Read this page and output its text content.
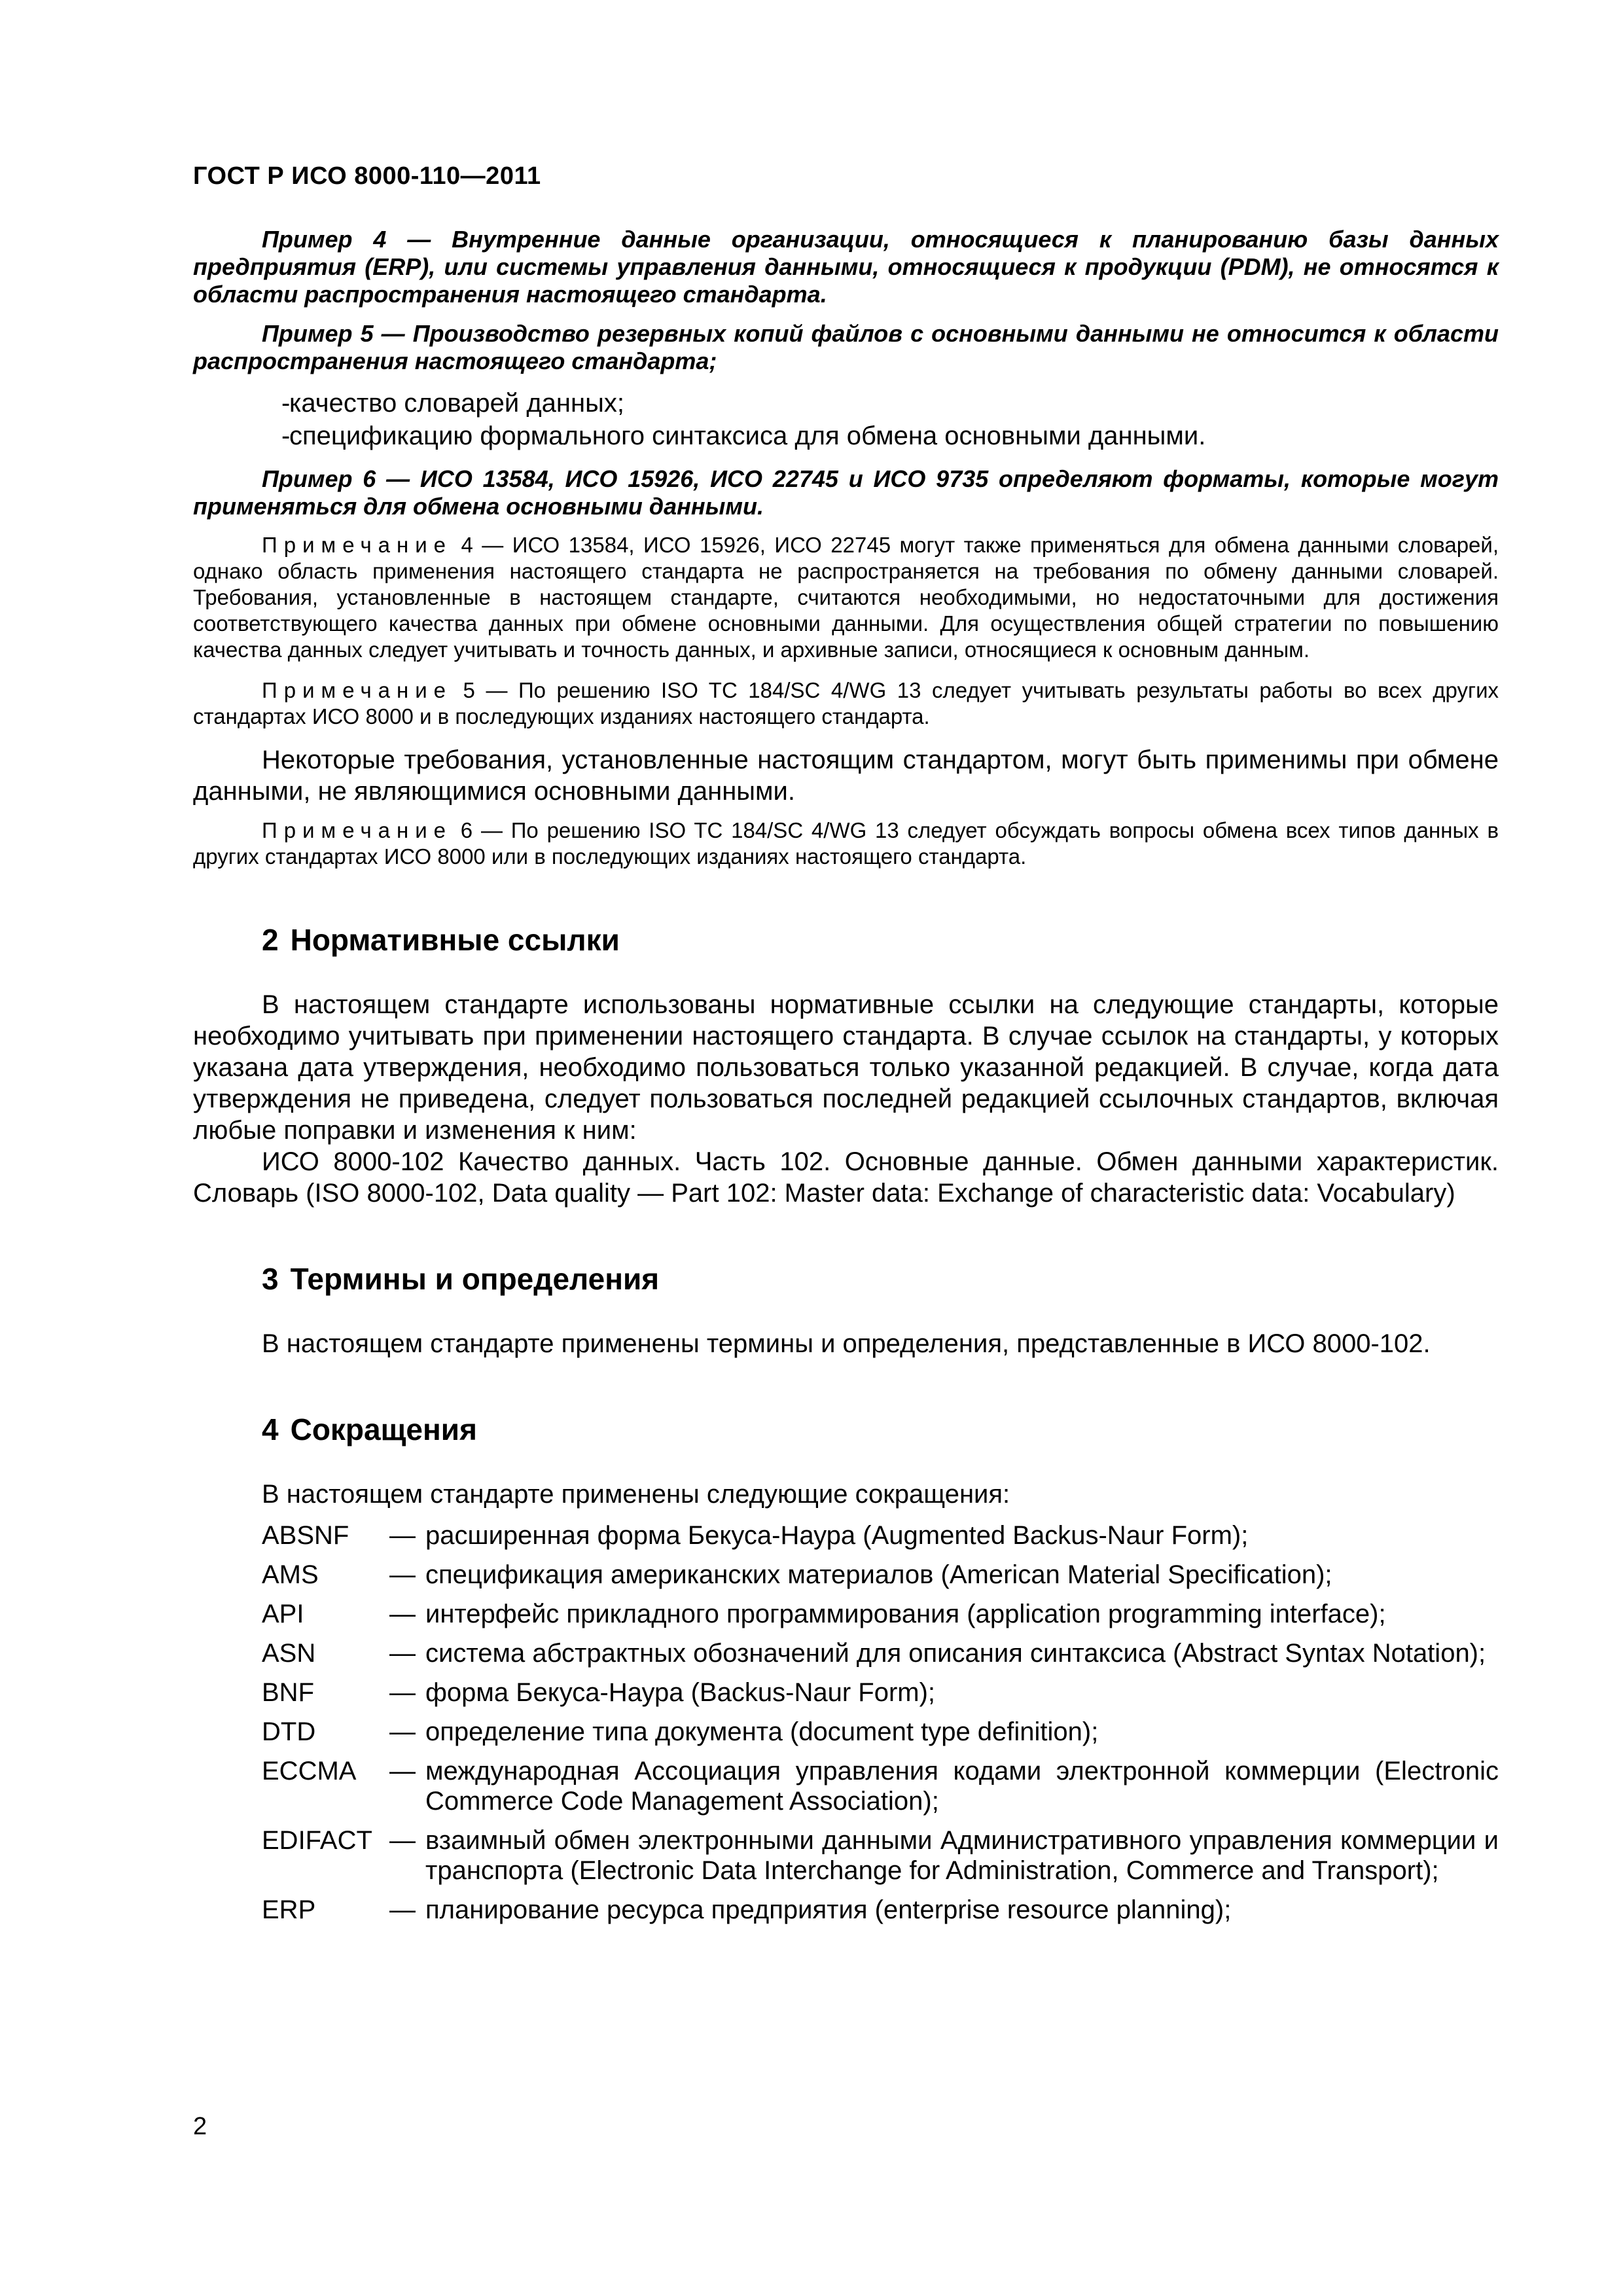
ГОСТ Р ИСО 8000-110—2011

Пример 4 — Внутренние данные организации, относящиеся к планированию базы данных предприятия (ERP), или системы управления данными, относящиеся к продукции (PDM), не относятся к области распространения настоящего стандарта.

Пример 5 — Производство резервных копий файлов с основными данными не относится к области распространения настоящего стандарта;

-
качество словарей данных;
-
спецификацию формального синтаксиса для обмена основными данными.

Пример 6 — ИСО 13584, ИСО 15926, ИСО 22745 и ИСО 9735 определяют форматы, которые могут применяться для обмена основными данными.

Примечание 4 — ИСО 13584, ИСО 15926, ИСО 22745 могут также применяться для обмена данными словарей, однако область применения настоящего стандарта не распространяется на требования по обмену данными словарей. Требования, установленные в настоящем стандарте, считаются необходимыми, но недостаточными для достижения соответствующего качества данных при обмене основными данными. Для осуществления общей стратегии по повышению качества данных следует учитывать и точность данных, и архивные записи, относящиеся к основным данным.

Примечание 5 — По решению ISO TC 184/SC 4/WG 13 следует учитывать результаты работы во всех других стандартах ИСО 8000 и в последующих изданиях настоящего стандарта.

Некоторые требования, установленные настоящим стандартом, могут быть применимы при обмене данными, не являющимися основными данными.

Примечание 6 — По решению ISO TC 184/SC 4/WG 13 следует обсуждать вопросы обмена всех типов данных в других стандартах ИСО 8000 или в последующих изданиях настоящего стандарта.

2 Нормативные ссылки

В настоящем стандарте использованы нормативные ссылки на следующие стандарты, которые необходимо учитывать при применении настоящего стандарта. В случае ссылок на стандарты, у которых указана дата утверждения, необходимо пользоваться только указанной редакцией. В случае, когда дата утверждения не приведена, следует пользоваться последней редакцией ссылочных стандартов, включая любые поправки и изменения к ним:

ИСО 8000-102 Качество данных. Часть 102. Основные данные. Обмен данными характеристик. Словарь (ISO 8000-102, Data quality — Part 102: Master data: Exchange of characteristic data: Vocabulary)

3 Термины и определения

В настоящем стандарте применены термины и определения, представленные в ИСО 8000-102.

4 Сокращения

В настоящем стандарте применены следующие сокращения:

ABSNF	—	расширенная форма Бекуса-Наура (Augmented Backus-Naur Form);
AMS	—	спецификация американских материалов (American Material Specification);
API	—	интерфейс прикладного программирования (application programming interface);
ASN	—	система абстрактных обозначений для описания синтаксиса (Abstract Syntax Notation);
BNF	—	форма Бекуса-Наура (Backus-Naur Form);
DTD	—	определение типа документа (document type definition);
ECCMA	—	международная Ассоциация управления кодами электронной коммерции (Electronic Commerce Code Management Association);
EDIFACT	—	взаимный обмен электронными данными Административного управления коммерции и транспорта (Electronic Data Interchange for Administration, Commerce and Transport);
ERP	—	планирование ресурса предприятия (enterprise resource planning);
2
